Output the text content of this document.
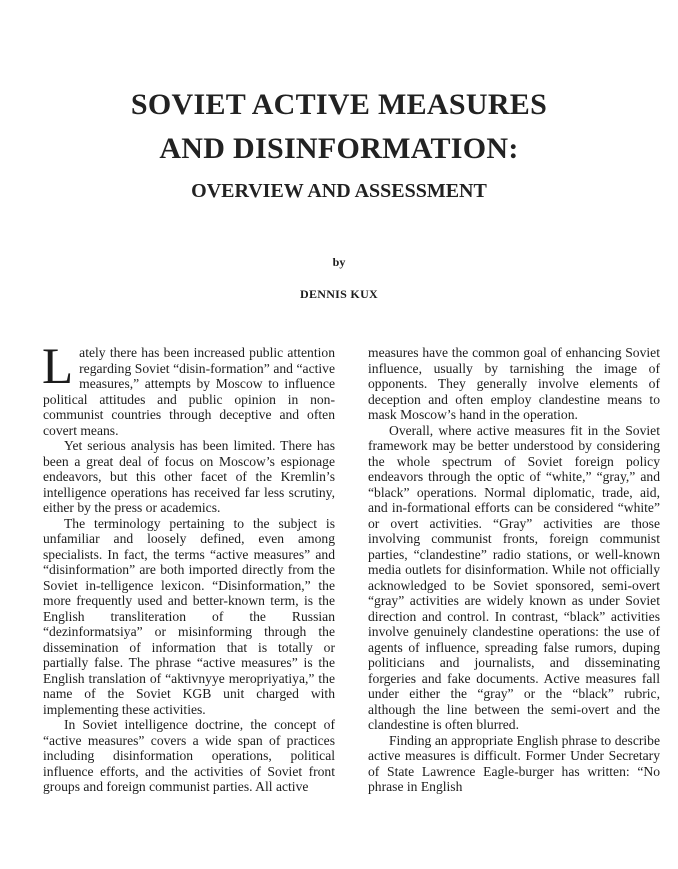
SOVIET ACTIVE MEASURES
AND DISINFORMATION:
OVERVIEW AND ASSESSMENT
by
DENNIS KUX

Lately there has been increased public attention regarding Soviet “disin-formation” and “active measures,” attempts by Moscow to influence political attitudes and public opinion in non-communist countries through deceptive and often covert means.

Yet serious analysis has been limited. There has been a great deal of focus on Moscow’s espionage endeavors, but this other facet of the Kremlin’s intelligence operations has received far less scrutiny, either by the press or academics.

The terminology pertaining to the subject is unfamiliar and loosely defined, even among specialists. In fact, the terms “active measures” and “disinformation” are both imported directly from the Soviet in-telligence lexicon. “Disinformation,” the more frequently used and better-known term, is the English transliteration of the Russian “dezinformatsiya” or misinforming through the dissemination of information that is totally or partially false. The phrase “active measures” is the English translation of “aktivnyye meropriyatiya,” the name of the Soviet KGB unit charged with implementing these activities.

In Soviet intelligence doctrine, the concept of “active measures” covers a wide span of practices including disinformation operations, political influence efforts, and the activities of Soviet front groups and foreign communist parties. All active

measures have the common goal of enhancing Soviet influence, usually by tarnishing the image of opponents. They generally involve elements of deception and often employ clandestine means to mask Moscow’s hand in the operation.

Overall, where active measures fit in the Soviet framework may be better understood by considering the whole spectrum of Soviet foreign policy endeavors through the optic of “white,” “gray,” and “black” operations. Normal diplomatic, trade, aid, and in-formational efforts can be considered “white” or overt activities. “Gray” activities are those involving communist fronts, foreign communist parties, “clandestine” radio stations, or well-known media outlets for disinformation. While not officially acknowledged to be Soviet sponsored, semi-overt “gray” activities are widely known as under Soviet direction and control. In contrast, “black” activities involve genuinely clandestine operations: the use of agents of influence, spreading false rumors, duping politicians and journalists, and disseminating forgeries and fake documents. Active measures fall under either the “gray” or the “black” rubric, although the line between the semi-overt and the clandestine is often blurred.

Finding an appropriate English phrase to describe active measures is difficult. Former Under Secretary of State Lawrence Eagle-burger has written: “No phrase in English
